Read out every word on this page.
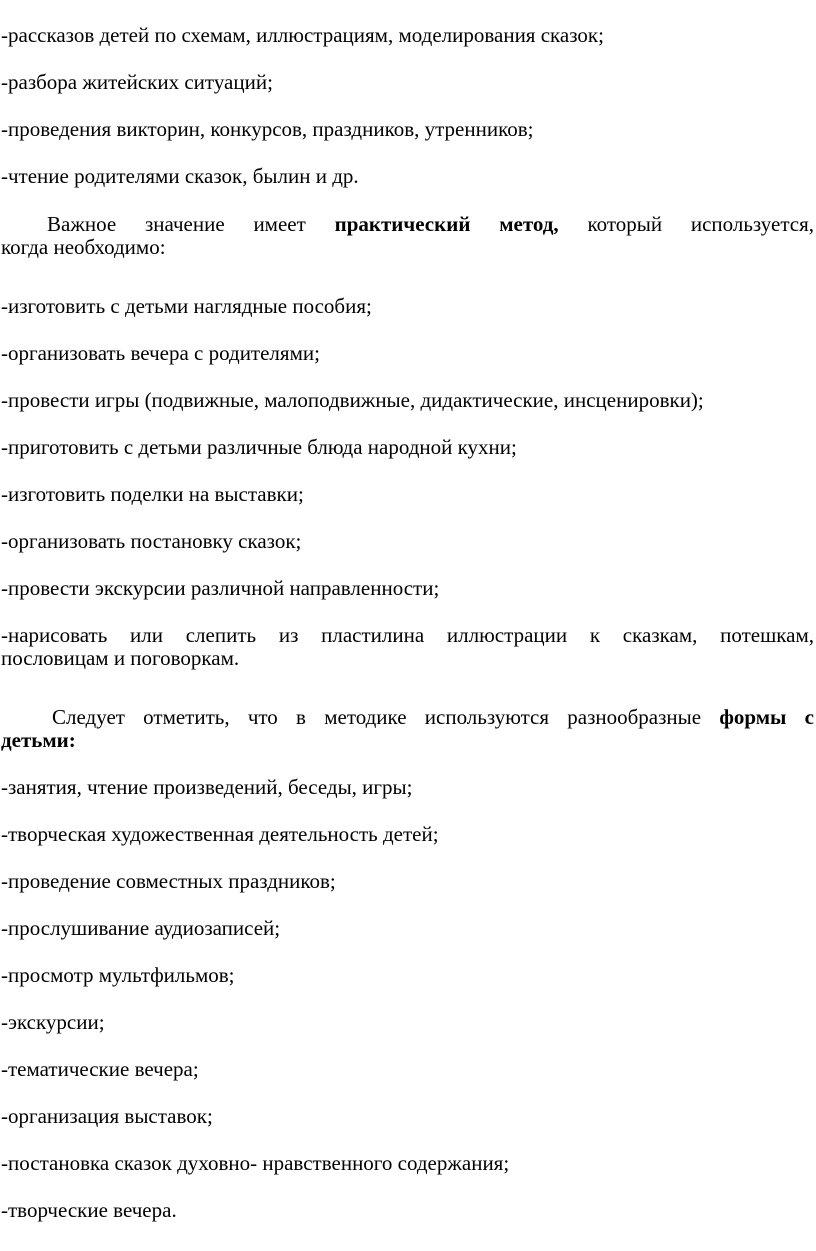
-рассказов детей по схемам, иллюстрациям, моделирования сказок;

-разбора житейских ситуаций;

-проведения викторин, конкурсов, праздников, утренников;

-чтение родителями сказок, былин и др.

Важное значение имеет практический метод, который используется,
когда необходимо:

-изготовить с детьми наглядные пособия;

-организовать вечера с родителями;

-провести игры (подвижные, малоподвижные, дидактические, инсценировки);

-приготовить с детьми различные блюда народной кухни;

-изготовить поделки на выставки;

-организовать постановку сказок;

-провести экскурсии различной направленности;

-нарисовать или слепить из пластилина иллюстрации к сказкам, потешкам,
пословицам и поговоркам.

Следует отметить, что в методике используются разнообразные формы с
детьми:

-занятия, чтение произведений, беседы, игры;

-творческая художественная деятельность детей;

-проведение совместных праздников;

-прослушивание аудиозаписей;

-просмотр мультфильмов;

-экскурсии;

-тематические вечера;

-организация выставок;

-постановка сказок духовно- нравственного содержания;

-творческие вечера.
